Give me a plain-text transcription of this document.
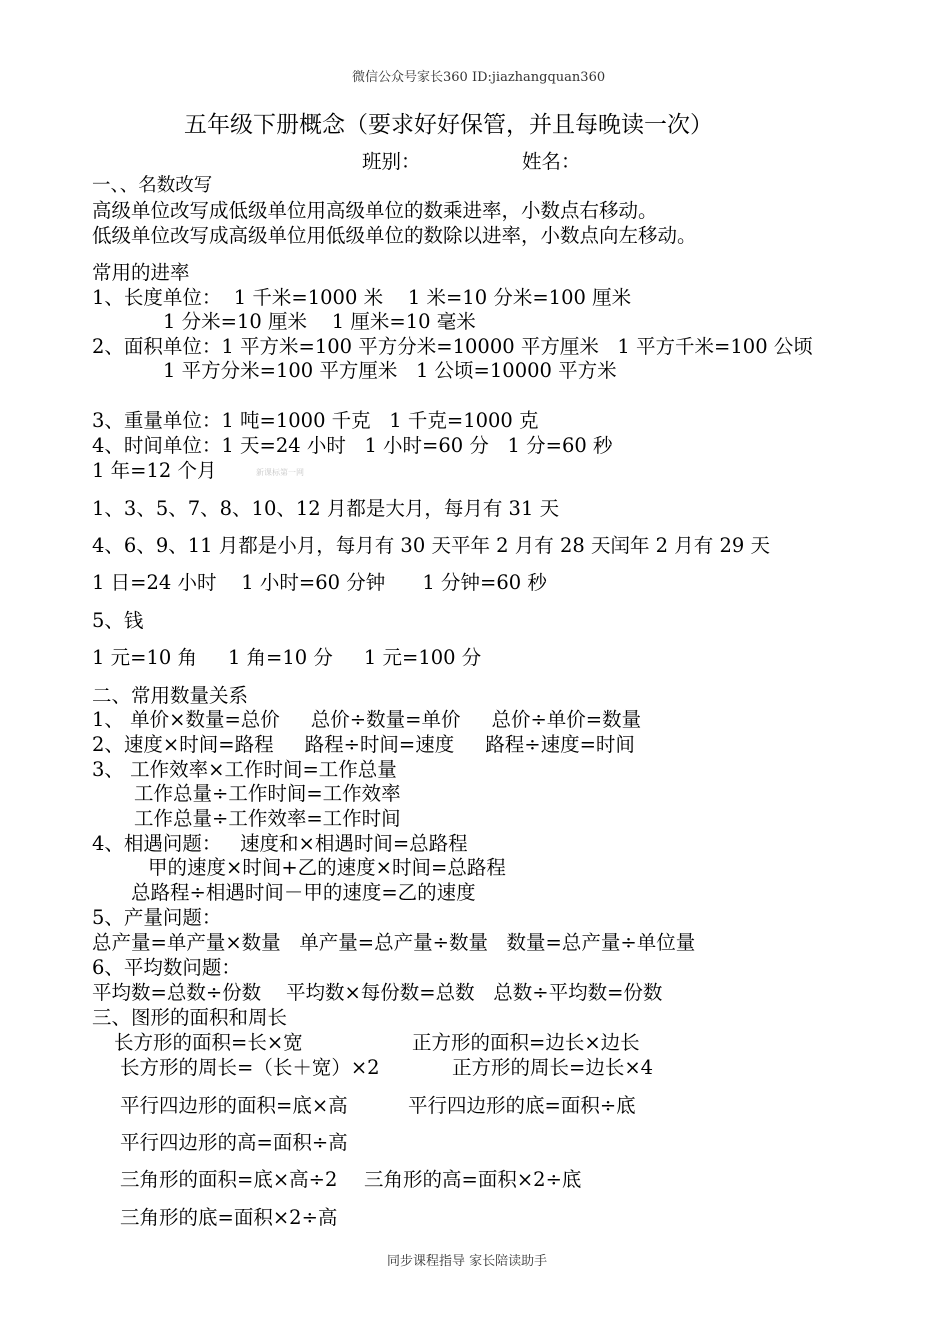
微信公众号家长360 ID:jiazhangquan360
五年级下册概念（要求好好保管，并且每晚读一次）
班别：	姓名：
一、、名数改写
高级单位改写成低级单位用高级单位的数乘进率，小数点右移动。
低级单位改写成高级单位用低级单位的数除以进率，小数点向左移动。
常用的进率
1、长度单位：  1 千米=1000 米    1 米=10 分米=100 厘米
1 分米=10 厘米    1 厘米=10 毫米
2、面积单位：1 平方米=100 平方分米=10000 平方厘米   1 平方千米=100 公顷
1 平方分米=100 平方厘米   1 公顷=10000 平方米
3、重量单位：1 吨=1000 千克   1 千克=1000 克
4、时间单位：1 天=24 小时   1 小时=60 分   1 分=60 秒
1 年=12 个月	新课标第一网
1、3、5、7、8、10、12 月都是大月，每月有 31 天
4、6、9、11 月都是小月，每月有 30 天平年 2 月有 28 天闰年 2 月有 29 天
1 日=24 小时    1 小时=60 分钟      1 分钟=60 秒
5、钱
1 元=10 角     1 角=10 分     1 元=100 分
二、常用数量关系
1、 单价×数量=总价     总价÷数量=单价     总价÷单价=数量
2、速度×时间=路程     路程÷时间=速度     路程÷速度=时间
3、 工作效率×工作时间=工作总量
工作总量÷工作时间=工作效率
工作总量÷工作效率=工作时间
4、相遇问题：   速度和×相遇时间=总路程
甲的速度×时间+乙的速度×时间=总路程
总路程÷相遇时间－甲的速度=乙的速度
5、产量问题：
总产量=单产量×数量   单产量=总产量÷数量   数量=总产量÷单位量
6、平均数问题：
平均数=总数÷份数    平均数×每份数=总数   总数÷平均数=份数
三、图形的面积和周长
长方形的面积=长×宽	正方形的面积=边长×边长
长方形的周长=（长＋宽）×2	正方形的周长=边长×4
平行四边形的面积=底×高	平行四边形的底=面积÷底
平行四边形的高=面积÷高
三角形的面积=底×高÷2 三角形的高=面积×2÷底
三角形的底=面积×2÷高
同步课程指导 家长陪读助手
